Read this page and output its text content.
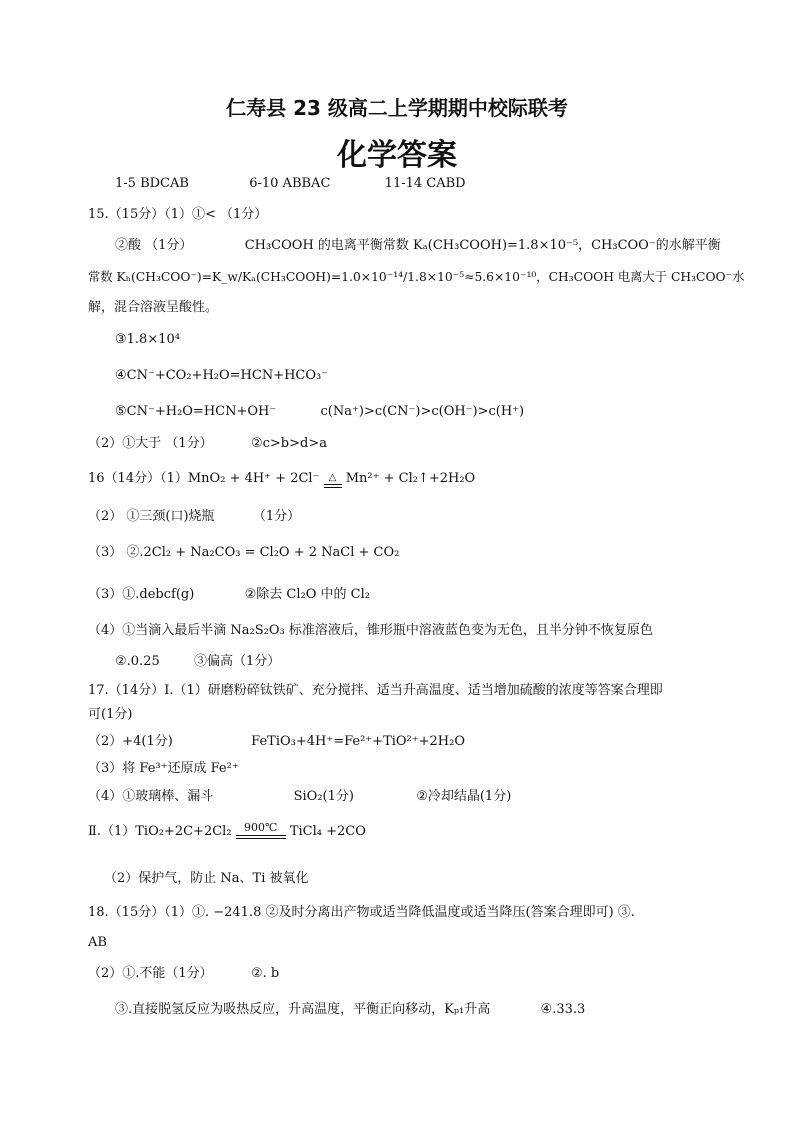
仁寿县 23 级高二上学期期中校际联考
化学答案
1-5 BDCAB	6-10 ABBAC	11-14 CABD
15.（15分）（1）①< （1分）
②酸 （1分）	CH₃COOH 的电离平衡常数 Kₐ(CH₃COOH)=1.8×10⁻⁵，CH₃COO⁻的水解平衡
常数 Kₕ(CH₃COO⁻)=K_w/Kₐ(CH₃COOH)=1.0×10⁻¹⁴/1.8×10⁻⁵≈5.6×10⁻¹⁰，CH₃COOH 电离大于 CH₃COO⁻水
解，混合溶液呈酸性。
③1.8×10⁴
④CN⁻+CO₂+H₂O=HCN+HCO₃⁻
⑤CN⁻+H₂O=HCN+OH⁻	c(Na⁺)>c(CN⁻)>c(OH⁻)>c(H⁺)
（2）①大于 （1分）	②c>b>d>a
16（14分）（1）MnO₂ + 4H⁺ + 2Cl⁻ △ Mn²⁺ + Cl₂↑+2H₂O
（2） ①三颈(口)烧瓶	（1分）
（3） ②.2Cl₂ + Na₂CO₃ = Cl₂O + 2 NaCl + CO₂
（3）①.debcf(g)	②除去 Cl₂O 中的 Cl₂
（4）①当滴入最后半滴 Na₂S₂O₃ 标准溶液后，锥形瓶中溶液蓝色变为无色，且半分钟不恢复原色
②.0.25	③偏高（1分）
17.（14分）Ⅰ.（1）研磨粉碎钛铁矿、充分搅拌、适当升高温度、适当增加硫酸的浓度等答案合理即
可(1分)
（2）+4(1分)	FeTiO₃+4H⁺=Fe²⁺+TiO²⁺+2H₂O
（3）将 Fe³⁺还原成 Fe²⁺
（4）①玻璃棒、漏斗	SiO₂(1分)	②冷却结晶(1分)
Ⅱ.（1）TiO₂+2C+2Cl₂	900℃ TiCl₄ +2CO
（2）保护气，防止 Na、Ti 被氧化
18.（15分）（1）①. −241.8 ②及时分离出产物或适当降低温度或适当降压(答案合理即可) ③.
AB
（2）①.不能（1分）	②. b
③.直接脱氢反应为吸热反应，升高温度，平衡正向移动，Kₚ₁升高	④.33.3
